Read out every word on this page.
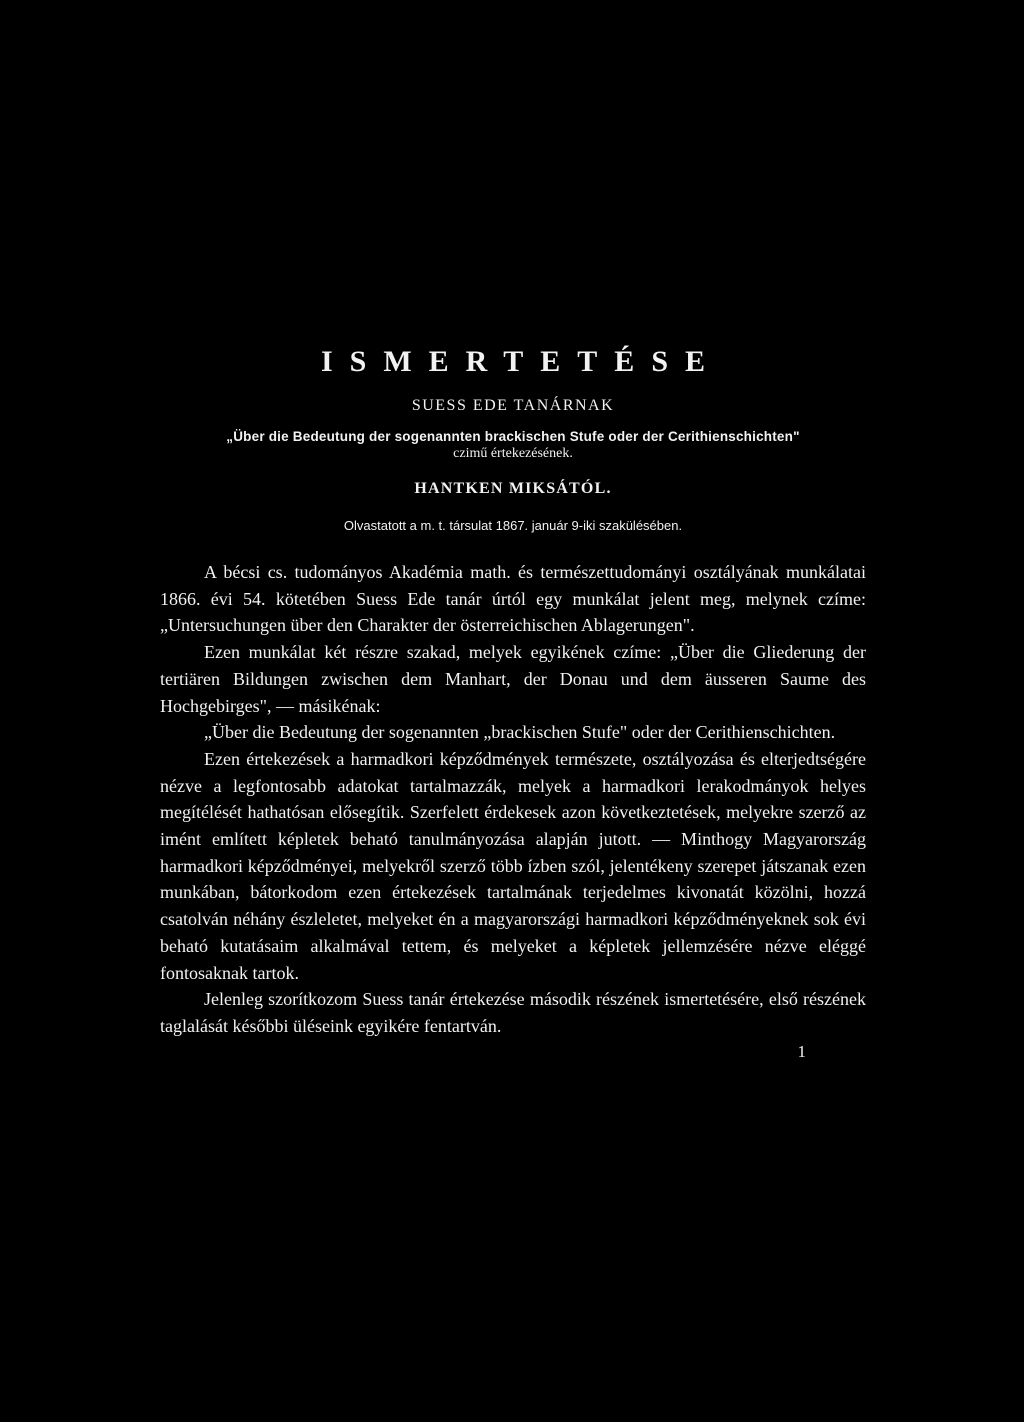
ISMERTETÉSE

SUESS EDE TANÁRNAK

„Über die Bedeutung der sogenannten brackischen Stufe oder der Cerithienschichten"

czimű értekezésének.

HANTKEN MIKSÁTÓL.

Olvastatott a m. t. társulat 1867. január 9-iki szakülésében.

A bécsi cs. tudományos Akadémia math. és természettudományi osztályának munkálatai 1866. évi 54. kötetében Suess Ede tanár úrtól egy munkálat jelent meg, melynek czíme: „Untersuchungen über den Charakter der österreichischen Ablagerungen".

Ezen munkálat két részre szakad, melyek egyikének czíme: „Über die Gliederung der tertiären Bildungen zwischen dem Manhart, der Donau und dem äusseren Saume des Hochgebirges", — másikénak:

„Über die Bedeutung der sogenannten „brackischen Stufe" oder der Cerithienschichten.

Ezen értekezések a harmadkori képződmények természete, osztályozása és elterjedtségére nézve a legfontosabb adatokat tartalmazzák, melyek a harmadkori lerakodmányok helyes megítélését hathatósan elősegítik. Szerfelett érdekesek azon következtetések, melyekre szerző az imént említett képletek beható tanulmányozása alapján jutott. — Minthogy Magyarország harmadkori képződményei, melyekről szerző több ízben szól, jelentékeny szerepet játszanak ezen munkában, bátorkodom ezen értekezések tartalmának terjedelmes kivonatát közölni, hozzá csatolván néhány észleletet, melyeket én a magyarországi harmadkori képződményeknek sok évi beható kutatásaim alkalmával tettem, és melyeket a képletek jellemzésére nézve eléggé fontosaknak tartok.

Jelenleg szorítkozom Suess tanár értekezése második részének ismertetésére, első részének taglalását későbbi üléseink egyikére fentartván.

1
